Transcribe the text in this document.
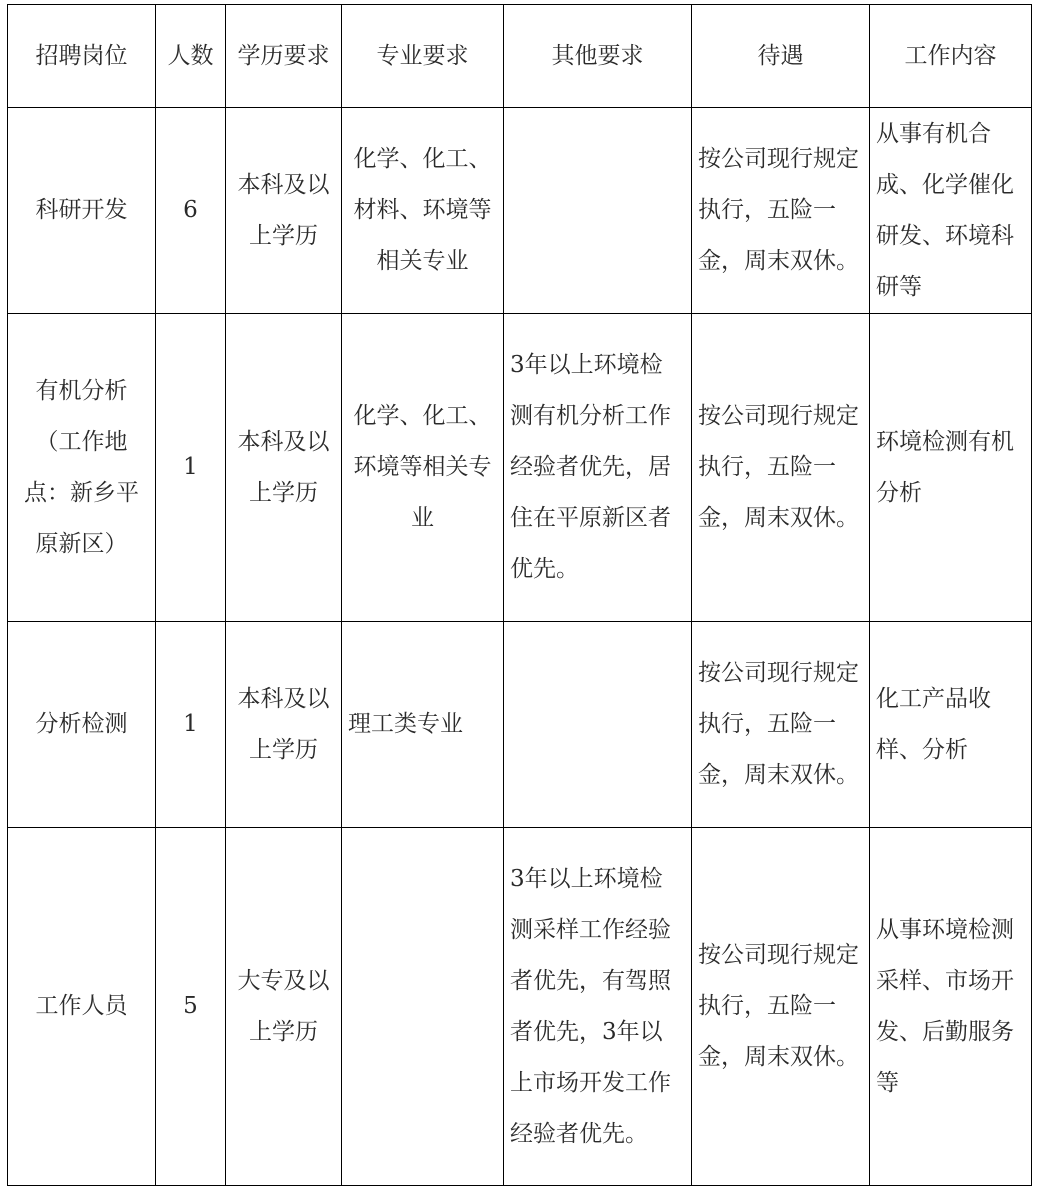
招聘岗位	人数	学历要求	专业要求	其他要求	待遇	工作内容
科研开发	6	本科及以上学历	化学、化工、材料、环境等相关专业		按公司现行规定执行，五险一金，周末双休。	从事有机合成、化学催化研发、环境科研等
有机分析（工作地点：新乡平原新区）	1	本科及以上学历	化学、化工、环境等相关专业	3年以上环境检测有机分析工作经验者优先，居住在平原新区者优先。	按公司现行规定执行，五险一金，周末双休。	环境检测有机分析
分析检测	1	本科及以上学历	理工类专业		按公司现行规定执行，五险一金，周末双休。	化工产品收样、分析
工作人员	5	大专及以上学历		3年以上环境检测采样工作经验者优先，有驾照者优先，3年以上市场开发工作经验者优先。	按公司现行规定执行，五险一金，周末双休。	从事环境检测采样、市场开发、后勤服务等
